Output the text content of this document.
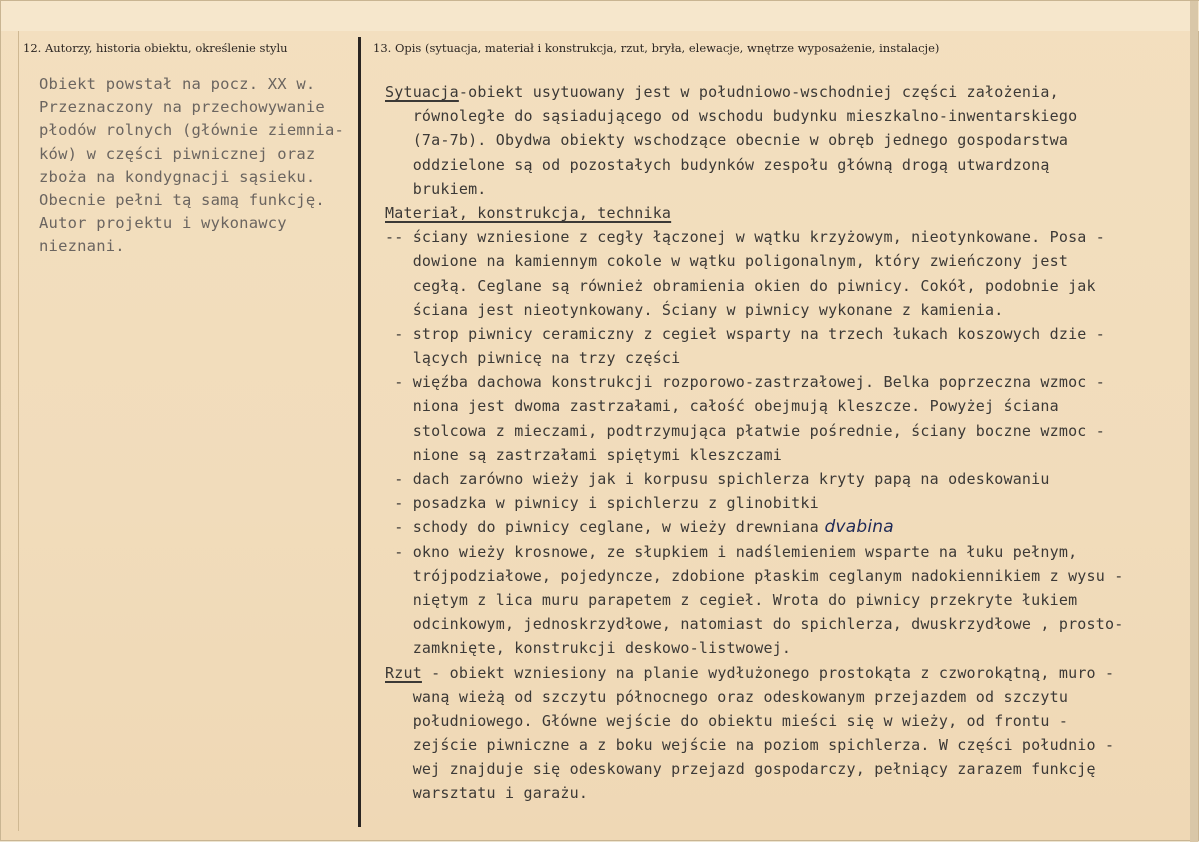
12. Autorzy, historia obiektu, określenie stylu	13. Opis (sytuacja, materiał i konstrukcja, rzut, bryła, elewacje, wnętrze wyposażenie, instalacje)
Obiekt powstał na pocz. XX w.
Przeznaczony na przechowywanie
płodów rolnych (głównie ziemnia-
ków) w części piwnicznej oraz
zboża na kondygnacji sąsieku.
Obecnie pełni tą samą funkcję.
Autor projektu i wykonawcy
nieznani.
Sytuacja-obiekt usytuowany jest w południowo-wschodniej części założenia,
równoległe do sąsiadującego od wschodu budynku mieszkalno-inwentarskiego
(7a-7b). Obydwa obiekty wschodzące obecnie w obręb jednego gospodarstwa
oddzielone są od pozostałych budynków zespołu główną drogą utwardzoną
brukiem.
Materiał, konstrukcja, technika
-- ściany wzniesione z cegły łączonej w wątku krzyżowym, nieotynkowane. Posa -
dowione na kamiennym cokole w wątku poligonalnym, który zwieńczony jest
cegłą. Ceglane są również obramienia okien do piwnicy. Cokół, podobnie jak
ściana jest nieotynkowany. Ściany w piwnicy wykonane z kamienia.
- strop piwnicy ceramiczny z cegieł wsparty na trzech łukach koszowych dzie -
lących piwnicę na trzy części
- więźba dachowa konstrukcji rozporowo-zastrzałowej. Belka poprzeczna wzmoc -
niona jest dwoma zastrzałami, całość obejmują kleszcze. Powyżej ściana
stolcowa z mieczami, podtrzymująca płatwie pośrednie, ściany boczne wzmoc -
nione są zastrzałami spiętymi kleszczami
- dach zarówno wieży jak i korpusu spichlerza kryty papą na odeskowaniu
- posadzka w piwnicy i spichlerzu z glinobitki
- schody do piwnicy ceglane, w wieży drewniana dvabina
- okno wieży krosnowe, ze słupkiem i nadślemieniem wsparte na łuku pełnym,
trójpodziałowe, pojedyncze, zdobione płaskim ceglanym nadokiennikiem z wysu -
niętym z lica muru parapetem z cegieł. Wrota do piwnicy przekryte łukiem
odcinkowym, jednoskrzydłowe, natomiast do spichlerza, dwuskrzydłowe , prosto-
zamknięte, konstrukcji deskowo-listwowej.
Rzut - obiekt wzniesiony na planie wydłużonego prostokąta z czworokątną, muro -
waną wieżą od szczytu północnego oraz odeskowanym przejazdem od szczytu
południowego. Główne wejście do obiektu mieści się w wieży, od frontu -
zejście piwniczne a z boku wejście na poziom spichlerza. W części południo -
wej znajduje się odeskowany przejazd gospodarczy, pełniący zarazem funkcję
warsztatu i garażu.
